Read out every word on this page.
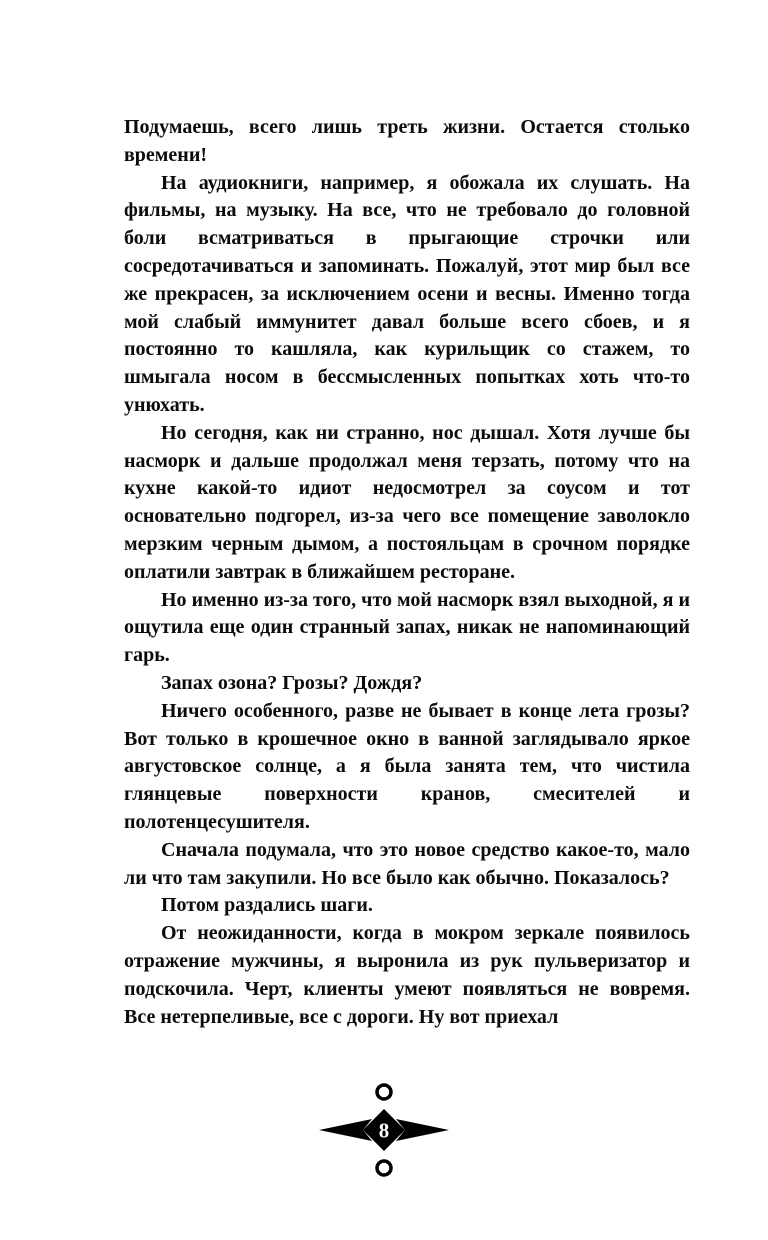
Подумаешь, всего лишь треть жизни. Остается столько времени!

На аудиокниги, например, я обожала их слушать. На фильмы, на музыку. На все, что не требовало до головной боли всматриваться в прыгающие строчки или сосредотачиваться и запоминать. Пожалуй, этот мир был все же прекрасен, за исключением осени и весны. Именно тогда мой слабый иммунитет давал больше всего сбоев, и я постоянно то кашляла, как курильщик со стажем, то шмыгала носом в бессмысленных попытках хоть что-то унюхать.

Но сегодня, как ни странно, нос дышал. Хотя лучше бы насморк и дальше продолжал меня терзать, потому что на кухне какой-то идиот недосмотрел за соусом и тот основательно подгорел, из-за чего все помещение заволокло мерзким черным дымом, а постояльцам в срочном порядке оплатили завтрак в ближайшем ресторане.

Но именно из-за того, что мой насморк взял выходной, я и ощутила еще один странный запах, никак не напоминающий гарь.

Запах озона? Грозы? Дождя?

Ничего особенного, разве не бывает в конце лета грозы? Вот только в крошечное окно в ванной заглядывало яркое августовское солнце, а я была занята тем, что чистила глянцевые поверхности кранов, смесителей и полотенцесушителя.

Сначала подумала, что это новое средство какое-то, мало ли что там закупили. Но все было как обычно. Показалось?

Потом раздались шаги.

От неожиданности, когда в мокром зеркале появилось отражение мужчины, я выронила из рук пульверизатор и подскочила. Черт, клиенты умеют появляться не вовремя. Все нетерпеливые, все с дороги. Ну вот приехал

8
